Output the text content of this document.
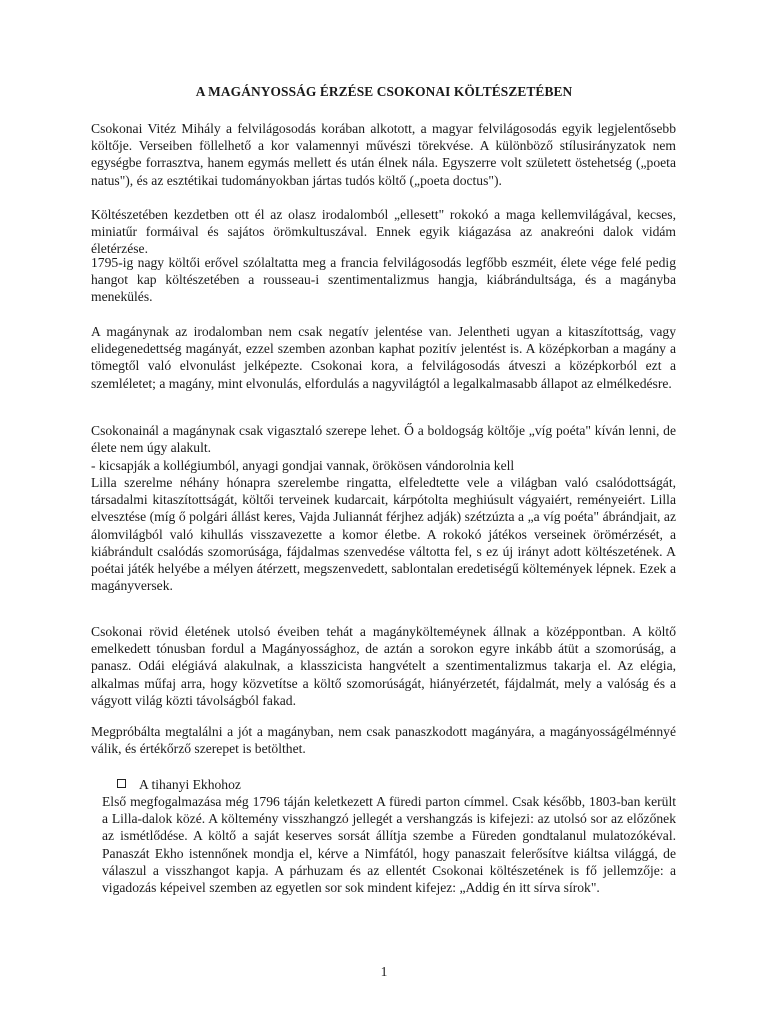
A MAGÁNYOSSÁG ÉRZÉSE CSOKONAI KÖLTÉSZETÉBEN
Csokonai Vitéz Mihály a felvilágosodás korában alkotott, a magyar felvilágosodás egyik legjelentősebb költője. Verseiben föllelhető a kor valamennyi művészi törekvése. A különböző stílusirányzatok nem egységbe forrasztva, hanem egymás mellett és után élnek nála. Egyszerre volt született östehetség („poeta natus"), és az esztétikai tudományokban jártas tudós költő („poeta doctus").
Költészetében kezdetben ott él az olasz irodalomból „ellesett" rokokó a maga kellemvilágával, kecses, miniatűr formáival és sajátos örömkultuszával. Ennek egyik kiágazása az anakreóni dalok vidám életérzése.
1795-ig nagy költői erővel szólaltatta meg a francia felvilágosodás legfőbb eszméit, élete vége felé pedig hangot kap költészetében a rousseau-i szentimentalizmus hangja, kiábrándultsága, és a magányba menekülés.
A magánynak az irodalomban nem csak negatív jelentése van. Jelentheti ugyan a kitaszítottság, vagy elidegenedettség magányát, ezzel szemben azonban kaphat pozitív jelentést is. A középkorban a magány a tömegtől való elvonulást jelképezte. Csokonai kora, a felvilágosodás átveszi a középkorból ezt a szemléletet; a magány, mint elvonulás, elfordulás a nagyvilágtól a legalkalmasabb állapot az elmélkedésre.
Csokonainál a magánynak csak vigasztaló szerepe lehet. Ő a boldogság költője „víg poéta" kíván lenni, de élete nem úgy alakult.
- kicsapják a kollégiumból, anyagi gondjai vannak, örökösen vándorolnia kell
Lilla szerelme néhány hónapra szerelembe ringatta, elfeledtette vele a világban való csalódottságát, társadalmi kitaszítottságát, költői terveinek kudarcait, kárpótolta meghiúsult vágyaiért, reményeiért. Lilla elvesztése (míg ő polgári állást keres, Vajda Juliannát férjhez adják) szétzúzta a „a víg poéta" ábrándjait, az álomvilágból való kihullás visszavezette a komor életbe. A rokokó játékos verseinek örömérzését, a kiábrándult csalódás szomorúsága, fájdalmas szenvedése váltotta fel, s ez új irányt adott költészetének. A poétai játék helyébe a mélyen átérzett, megszenvedett, sablontalan eredetiségű költemények lépnek. Ezek a magányversek.
Csokonai rövid életének utolsó éveiben tehát a magánykölteméynek állnak a középpontban. A költő emelkedett tónusban fordul a Magányossághoz, de aztán a sorokon egyre inkább átüt a szomorúság, a panasz. Odái elégiává alakulnak, a klasszicista hangvételt a szentimentalizmus takarja el. Az elégia, alkalmas műfaj arra, hogy közvetítse a költő szomorúságát, hiányérzetét, fájdalmát, mely a valóság és a vágyott világ közti távolságból fakad.
Megpróbálta megtalálni a jót a magányban, nem csak panaszkodott magányára, a magányosságélménnyé válik, és értékőrző szerepet is betölthet.
A tihanyi Ekhohoz
Első megfogalmazása még 1796 táján keletkezett A füredi parton címmel. Csak később, 1803-ban került a Lilla-dalok közé. A költemény visszhangzó jellegét a vershangzás is kifejezi: az utolsó sor az előzőnek az ismétlődése. A költő a saját keserves sorsát állítja szembe a Füreden gondtalanul mulatozókéval. Panaszát Ekho istennőnek mondja el, kérve a Nimfától, hogy panaszait felerősítve kiáltsa világgá, de válaszul a visszhangot kapja. A párhuzam és az ellentét Csokonai költészetének is fő jellemzője: a vigadozás képeivel szemben az egyetlen sor sok mindent kifejez: „Addig én itt sírva sírok".
1
